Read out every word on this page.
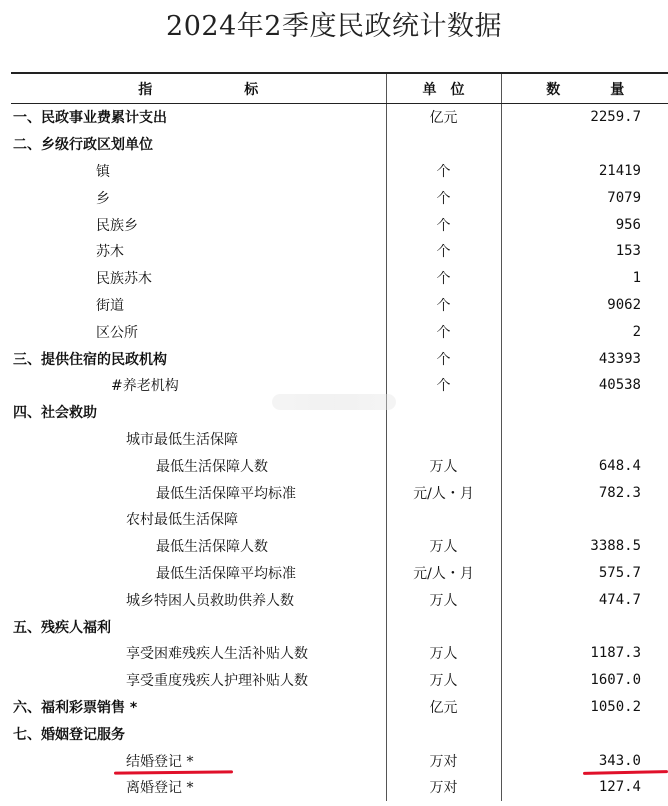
2024年2季度民政统计数据
指 标	单 位	数 量
一、民政事业费累计支出	亿元	2259.7
二、乡级行政区划单位		
镇	个	21419
乡	个	7079
民族乡	个	956
苏木	个	153
民族苏木	个	1
街道	个	9062
区公所	个	2
三、提供住宿的民政机构	个	43393
#养老机构	个	40538
四、社会救助		
城市最低生活保障		
最低生活保障人数	万人	648.4
最低生活保障平均标准	元/人・月	782.3
农村最低生活保障		
最低生活保障人数	万人	3388.5
最低生活保障平均标准	元/人・月	575.7
城乡特困人员救助供养人数	万人	474.7
五、残疾人福利		
享受困难残疾人生活补贴人数	万人	1187.3
享受重度残疾人护理补贴人数	万人	1607.0
六、福利彩票销售 *	亿元	1050.2
七、婚姻登记服务		
结婚登记 *	万对	343.0
离婚登记 *	万对	127.4
